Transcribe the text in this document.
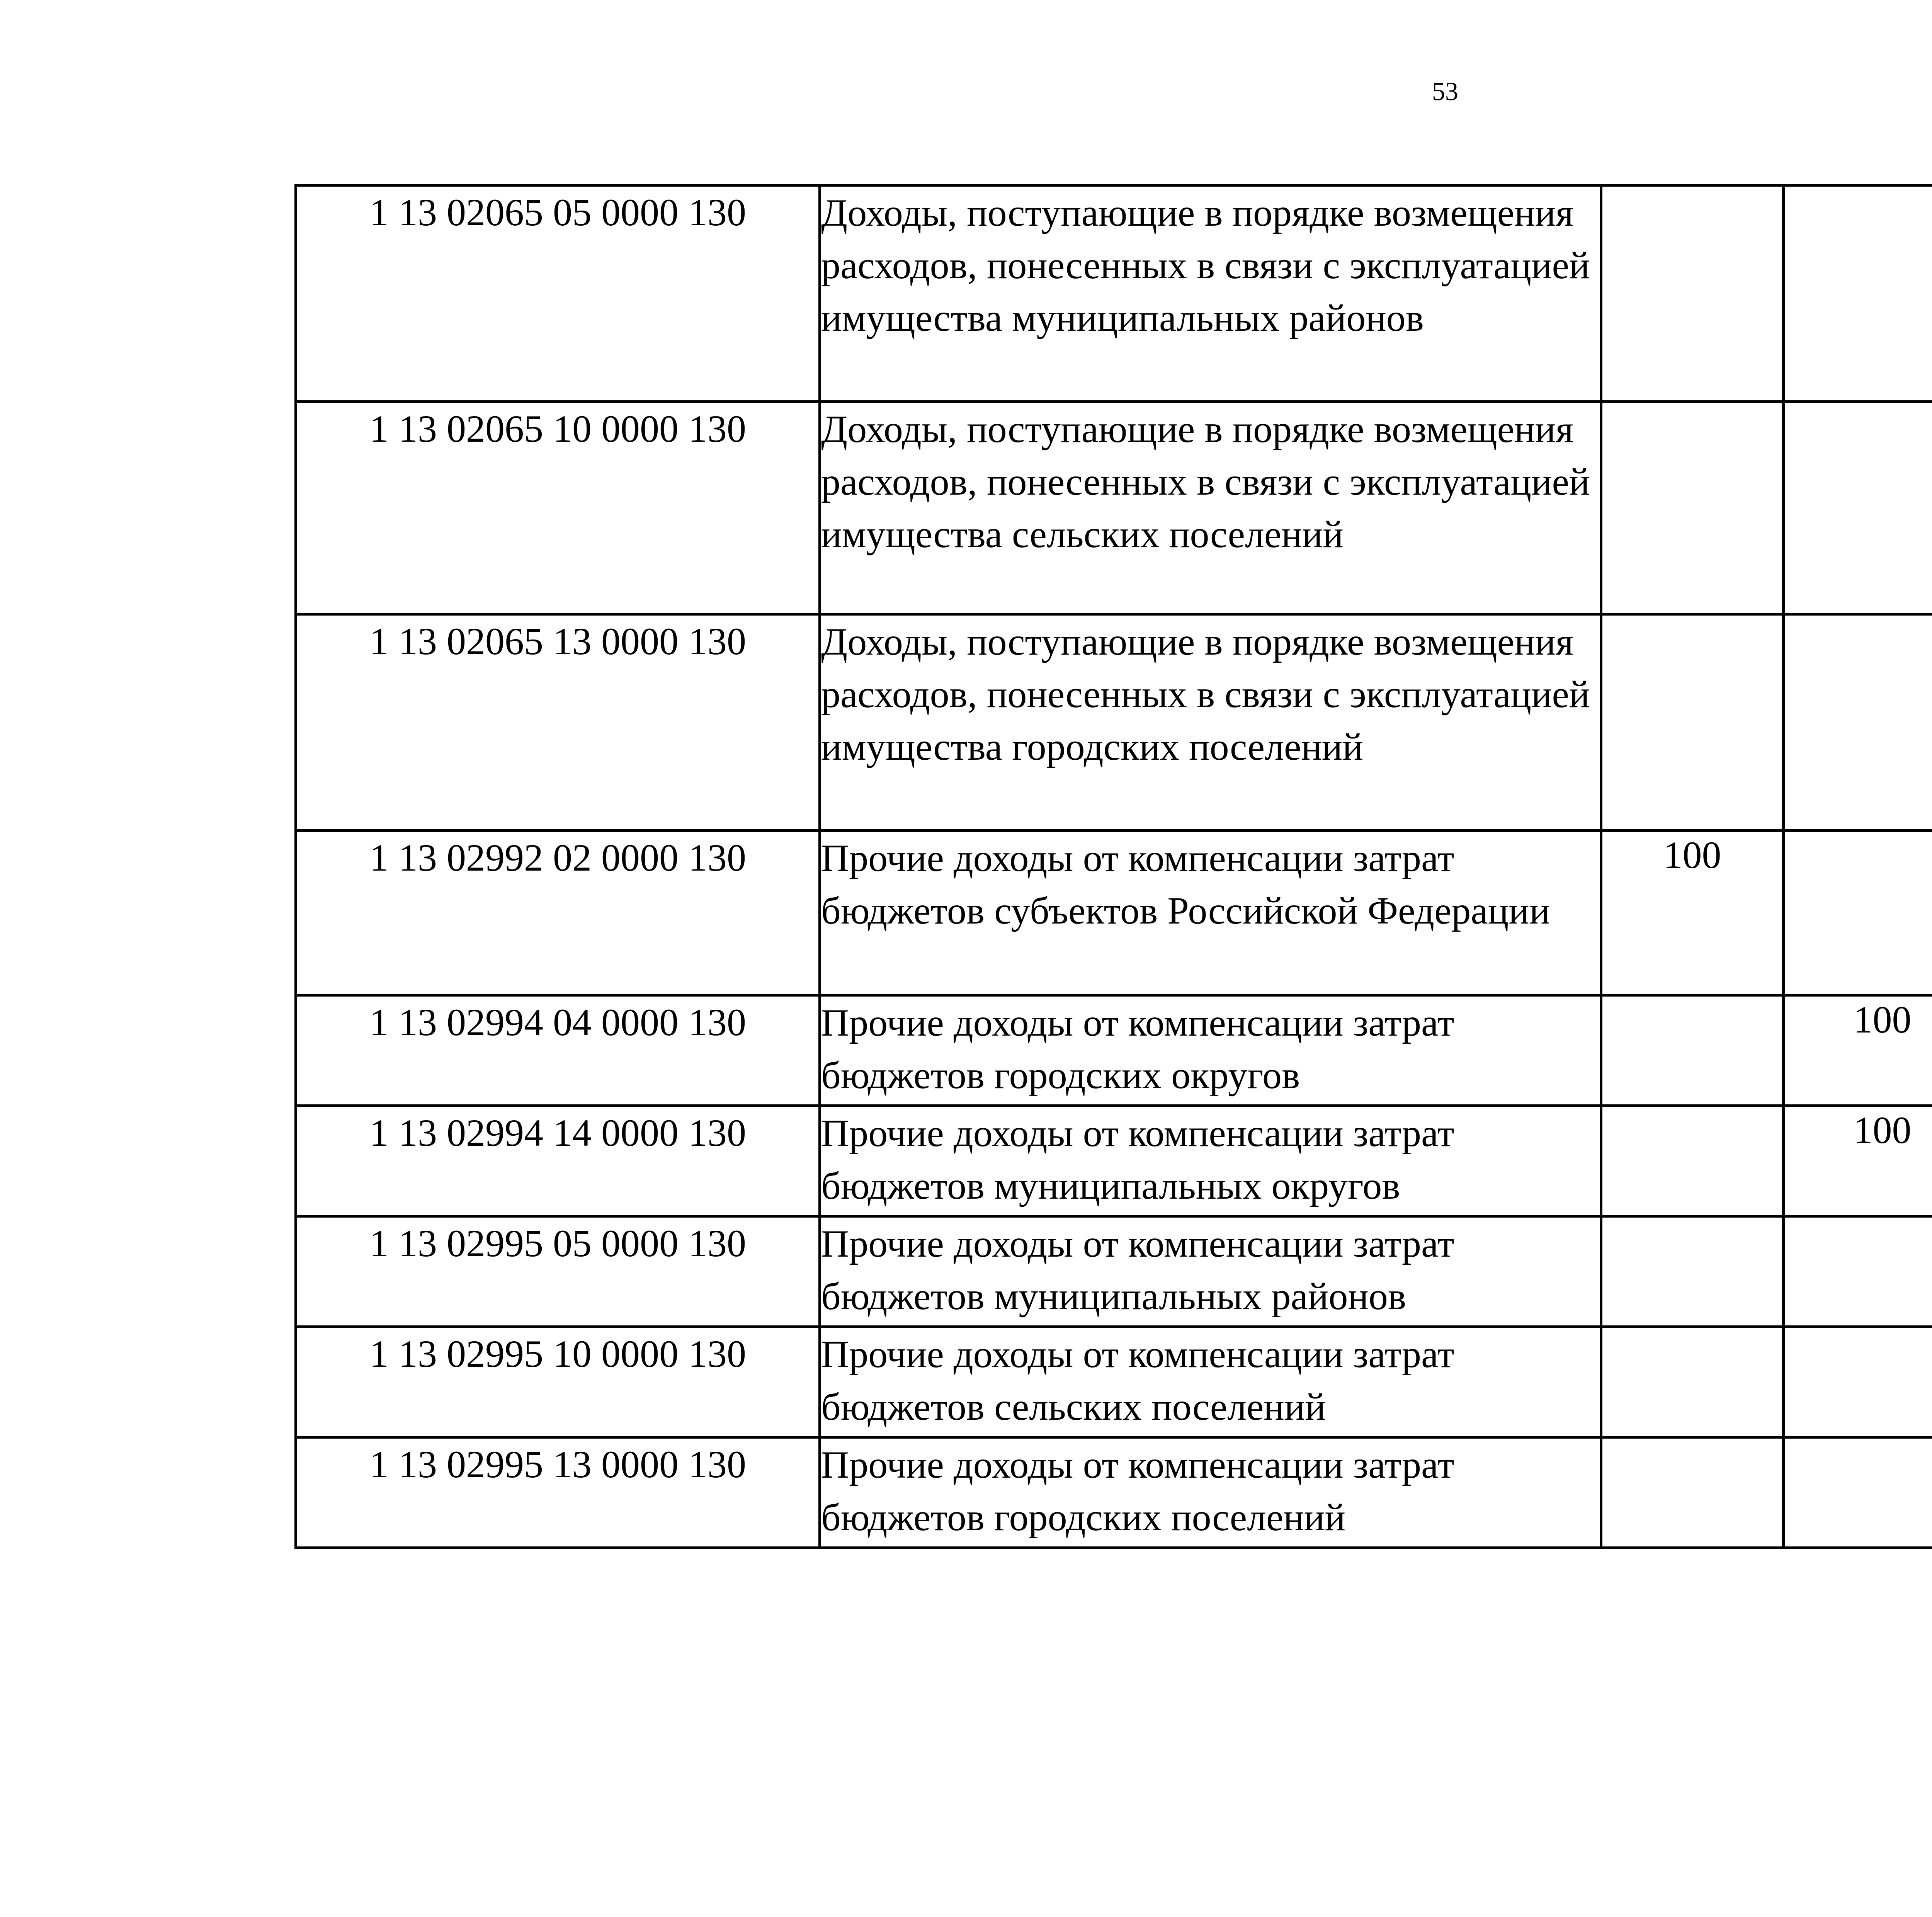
53
1 13 02065 05 0000 130	Доходы, поступающие в порядке возмещения расходов, понесенных в связи с эксплуатацией имущества муниципальных районов					
1 13 02065 10 0000 130	Доходы, поступающие в порядке возмещения расходов, понесенных в связи с эксплуатацией имущества сельских поселений					
1 13 02065 13 0000 130	Доходы, поступающие в порядке возмещения расходов, понесенных в связи с эксплуатацией имущества городских поселений					
1 13 02992 02 0000 130	Прочие доходы от компенсации затрат бюджетов субъектов Российской Федерации	100				
1 13 02994 04 0000 130	Прочие доходы от компенсации затрат бюджетов городских округов		100			
1 13 02994 14 0000 130	Прочие доходы от компенсации затрат бюджетов муниципальных округов		100			
1 13 02995 05 0000 130	Прочие доходы от компенсации затрат бюджетов муниципальных районов					
1 13 02995 10 0000 130	Прочие доходы от компенсации затрат бюджетов сельских поселений					
1 13 02995 13 0000 130	Прочие доходы от компенсации затрат бюджетов городских поселений					
